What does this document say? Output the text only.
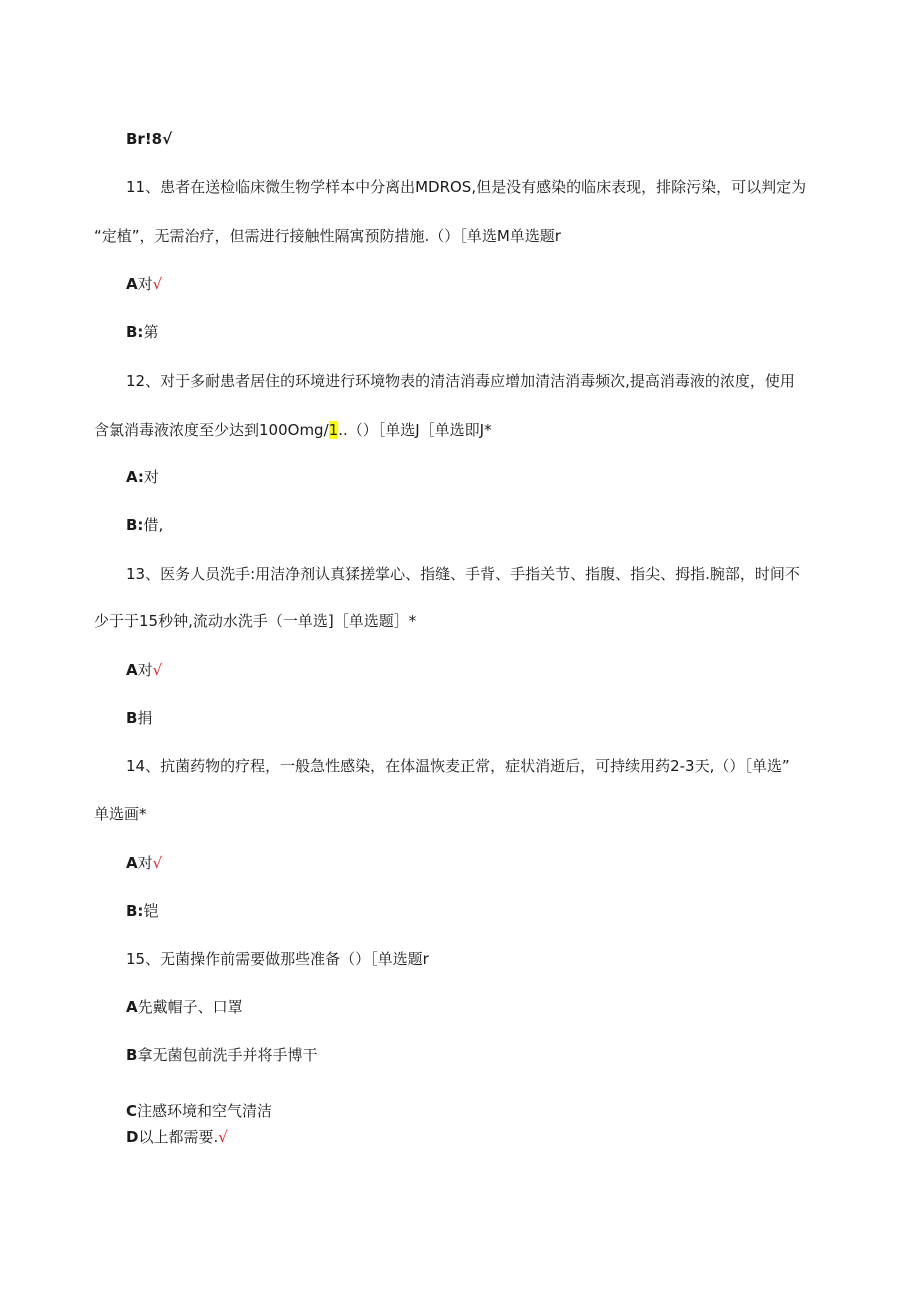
Br!8√
11、患者在送检临床微生物学样本中分离出MDROS,但是没有感染的临床表现，排除污染，可以判定为
“定植”，无需治疗，但需进行接触性隔寓预防措施.（）［单选M单选题r
A对√
B:第
12、对于多耐患者居住的环境进行环境物表的清洁消毒应增加清洁消毒频次,提高消毒液的浓度，使用
含氯消毒液浓度至少达到100Omg/1..（）［单选J［单选即J*
A:对
B:借,
13、医务人员洗手:用洁净剂认真猱搓掌心、指缝、手背、手指关节、指腹、指尖、拇指.腕部，时间不
少于于15秒钟,流动水洗手（一单选]［单选题］*
A对√
B捐
14、抗菌药物的疗程，一般急性感染，在体温恢麦正常，症状消逝后，可持续用药2-3天,（）［单选”
单选画*
A对√
B:铠
15、无菌操作前需要做那些准备（）［单选题r
A先戴帽子、口罩
B拿无菌包前洗手并将手博干
C注感环境和空气清洁
D以上都需要.√
